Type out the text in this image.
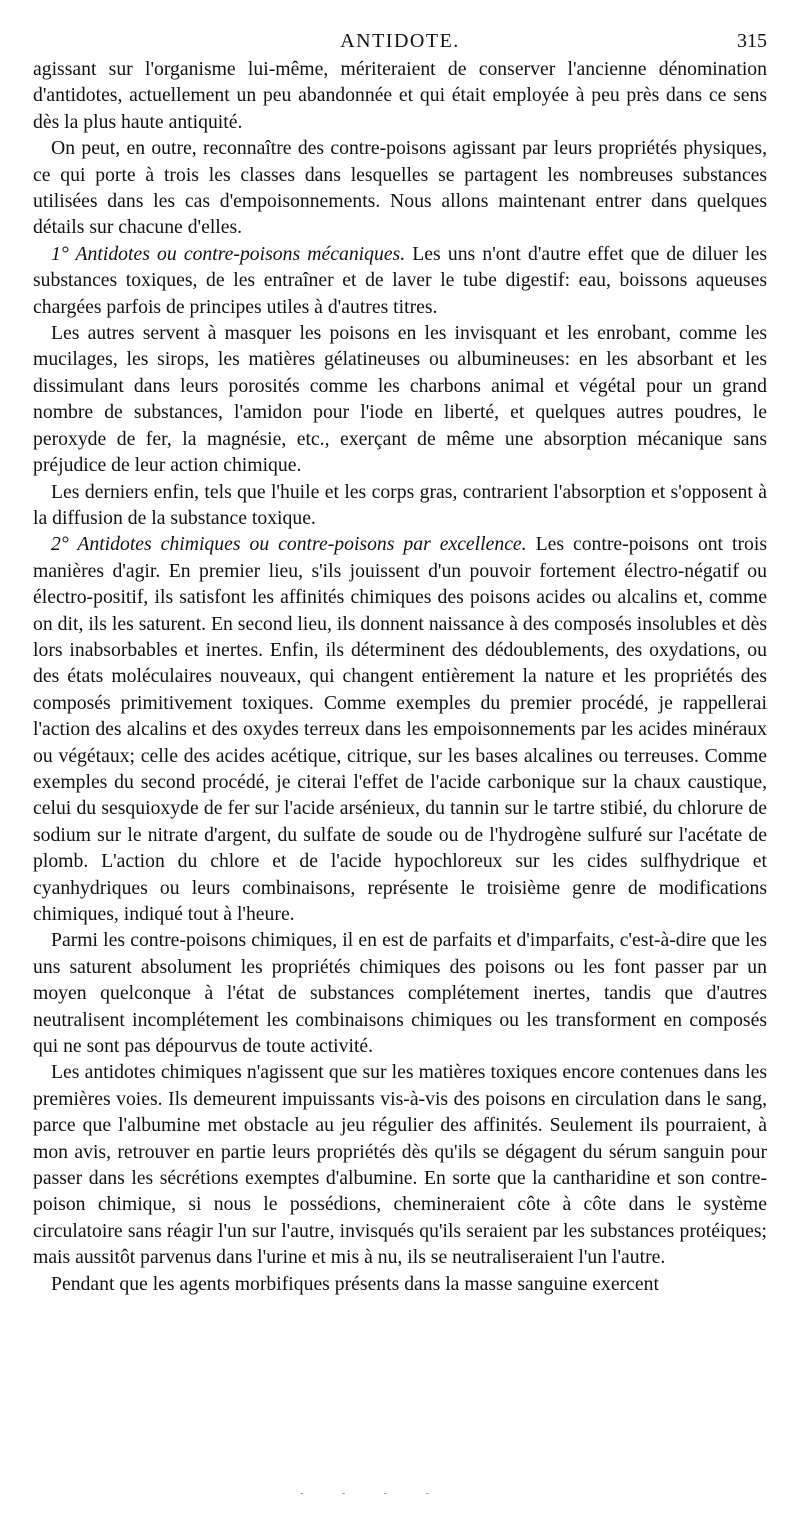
ANTIDOTE.	315

agissant sur l'organisme lui-même, mériteraient de conserver l'ancienne dénomination d'antidotes, actuellement un peu abandonnée et qui était employée à peu près dans ce sens dès la plus haute antiquité.

On peut, en outre, reconnaître des contre-poisons agissant par leurs propriétés physiques, ce qui porte à trois les classes dans lesquelles se partagent les nombreuses substances utilisées dans les cas d'empoisonnements. Nous allons maintenant entrer dans quelques détails sur chacune d'elles.

1° Antidotes ou contre-poisons mécaniques. Les uns n'ont d'autre effet que de diluer les substances toxiques, de les entraîner et de laver le tube digestif: eau, boissons aqueuses chargées parfois de principes utiles à d'autres titres.

Les autres servent à masquer les poisons en les invisquant et les enrobant, comme les mucilages, les sirops, les matières gélatineuses ou albumineuses: en les absorbant et les dissimulant dans leurs porosités comme les charbons animal et végétal pour un grand nombre de substances, l'amidon pour l'iode en liberté, et quelques autres poudres, le peroxyde de fer, la magnésie, etc., exerçant de même une absorption mécanique sans préjudice de leur action chimique.

Les derniers enfin, tels que l'huile et les corps gras, contrarient l'absorption et s'opposent à la diffusion de la substance toxique.

2° Antidotes chimiques ou contre-poisons par excellence. Les contre-poisons ont trois manières d'agir. En premier lieu, s'ils jouissent d'un pouvoir fortement électro-négatif ou électro-positif, ils satisfont les affinités chimiques des poisons acides ou alcalins et, comme on dit, ils les saturent. En second lieu, ils donnent naissance à des composés insolubles et dès lors inabsorbables et inertes. Enfin, ils déterminent des dédoublements, des oxydations, ou des états moléculaires nouveaux, qui changent entièrement la nature et les propriétés des composés primitivement toxiques. Comme exemples du premier procédé, je rappellerai l'action des alcalins et des oxydes terreux dans les empoisonnements par les acides minéraux ou végétaux; celle des acides acétique, citrique, sur les bases alcalines ou terreuses. Comme exemples du second procédé, je citerai l'effet de l'acide carbonique sur la chaux caustique, celui du sesquioxyde de fer sur l'acide arsénieux, du tannin sur le tartre stibié, du chlorure de sodium sur le nitrate d'argent, du sulfate de soude ou de l'hydrogène sulfuré sur l'acétate de plomb. L'action du chlore et de l'acide hypochloreux sur les cides sulfhydrique et cyanhydriques ou leurs combinaisons, représente le troisième genre de modifications chimiques, indiqué tout à l'heure.

Parmi les contre-poisons chimiques, il en est de parfaits et d'imparfaits, c'est-à-dire que les uns saturent absolument les propriétés chimiques des poisons ou les font passer par un moyen quelconque à l'état de substances complétement inertes, tandis que d'autres neutralisent incomplétement les combinaisons chimiques ou les transforment en composés qui ne sont pas dépourvus de toute activité.

Les antidotes chimiques n'agissent que sur les matières toxiques encore contenues dans les premières voies. Ils demeurent impuissants vis-à-vis des poisons en circulation dans le sang, parce que l'albumine met obstacle au jeu régulier des affinités. Seulement ils pourraient, à mon avis, retrouver en partie leurs propriétés dès qu'ils se dégagent du sérum sanguin pour passer dans les sécrétions exemptes d'albumine. En sorte que la cantharidine et son contre-poison chimique, si nous le possédions, chemineraient côte à côte dans le système circulatoire sans réagir l'un sur l'autre, invisqués qu'ils seraient par les substances protéiques; mais aussitôt parvenus dans l'urine et mis à nu, ils se neutraliseraient l'un l'autre.

Pendant que les agents morbifiques présents dans la masse sanguine exercent

- - - -
